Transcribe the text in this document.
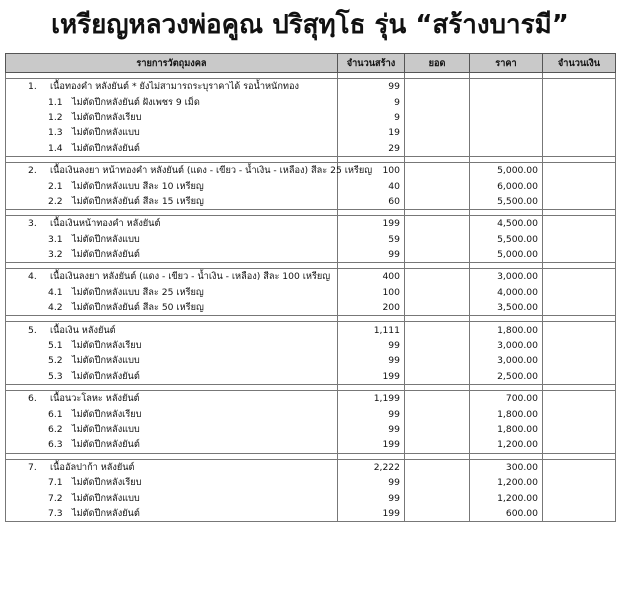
เหรียญหลวงพ่อคูณ ปริสุทฺโธ รุ่น “สร้างบารมี”
รายการวัตถุมงคล	จำนวนสร้าง	ยอด	ราคา	จำนวนเงิน

1. เนื้อทองคำ หลังยันต์ * ยังไม่สามารถระบุราคาได้ รอน้ำหนักทอง	99			
1.1 ไม่ตัดปีกหลังยันต์ ฝังเพชร 9 เม็ด	9			
1.2 ไม่ตัดปีกหลังเรียบ	9			
1.3 ไม่ตัดปีกหลังแบบ	19			
1.4 ไม่ตัดปีกหลังยันต์	29			

2. เนื้อเงินลงยา หน้าทองคำ หลังยันต์ (แดง - เขียว - น้ำเงิน - เหลือง) สีละ 25 เหรียญ	100		5,000.00	
2.1 ไม่ตัดปีกหลังแบบ สีละ 10 เหรียญ	40		6,000.00	
2.2 ไม่ตัดปีกหลังยันต์ สีละ 15 เหรียญ	60		5,500.00	

3. เนื้อเงินหน้าทองคำ หลังยันต์	199		4,500.00	
3.1 ไม่ตัดปีกหลังแบบ	59		5,500.00	
3.2 ไม่ตัดปีกหลังยันต์	99		5,000.00	

4. เนื้อเงินลงยา หลังยันต์ (แดง - เขียว - น้ำเงิน - เหลือง) สีละ 100 เหรียญ	400		3,000.00	
4.1 ไม่ตัดปีกหลังแบบ สีละ 25 เหรียญ	100		4,000.00	
4.2 ไม่ตัดปีกหลังยันต์ สีละ 50 เหรียญ	200		3,500.00	

5. เนื้อเงิน หลังยันต์	1,111		1,800.00	
5.1 ไม่ตัดปีกหลังเรียบ	99		3,000.00	
5.2 ไม่ตัดปีกหลังแบบ	99		3,000.00	
5.3 ไม่ตัดปีกหลังยันต์	199		2,500.00	

6. เนื้อนวะโลหะ หลังยันต์	1,199		700.00	
6.1 ไม่ตัดปีกหลังเรียบ	99		1,800.00	
6.2 ไม่ตัดปีกหลังแบบ	99		1,800.00	
6.3 ไม่ตัดปีกหลังยันต์	199		1,200.00	

7. เนื้ออัลปาก้า หลังยันต์	2,222		300.00	
7.1 ไม่ตัดปีกหลังเรียบ	99		1,200.00	
7.2 ไม่ตัดปีกหลังแบบ	99		1,200.00	
7.3 ไม่ตัดปีกหลังยันต์	199		600.00	
